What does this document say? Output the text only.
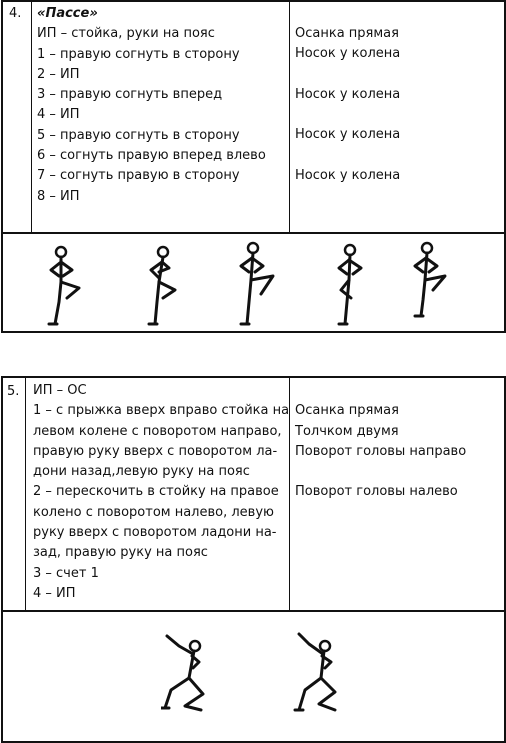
4. «Пассе»
ИП – стойка, руки на пояс
1 – правую согнуть в сторону
2 – ИП
3 – правую согнуть вперед
4 – ИП
5 – правую согнуть в сторону
6 – согнуть правую вперед влево
7 – согнуть правую в сторону
8 – ИП
Осанка прямая
Носок у колена

Носок у колена

Носок у колена

Носок у колена
5. ИП – ОС
1 – с прыжка вверх вправо стойка на
левом колене с поворотом направо,
правую руку вверх с поворотом ла-
дони назад,левую руку на пояс
2 – перескочить в стойку на правое
колено с поворотом налево, левую
руку вверх с поворотом ладони на-
зад, правую руку на пояс
3 – счет 1
4 – ИП

Осанка прямая
Толчком двумя
Поворот головы направо

Поворот головы налево
